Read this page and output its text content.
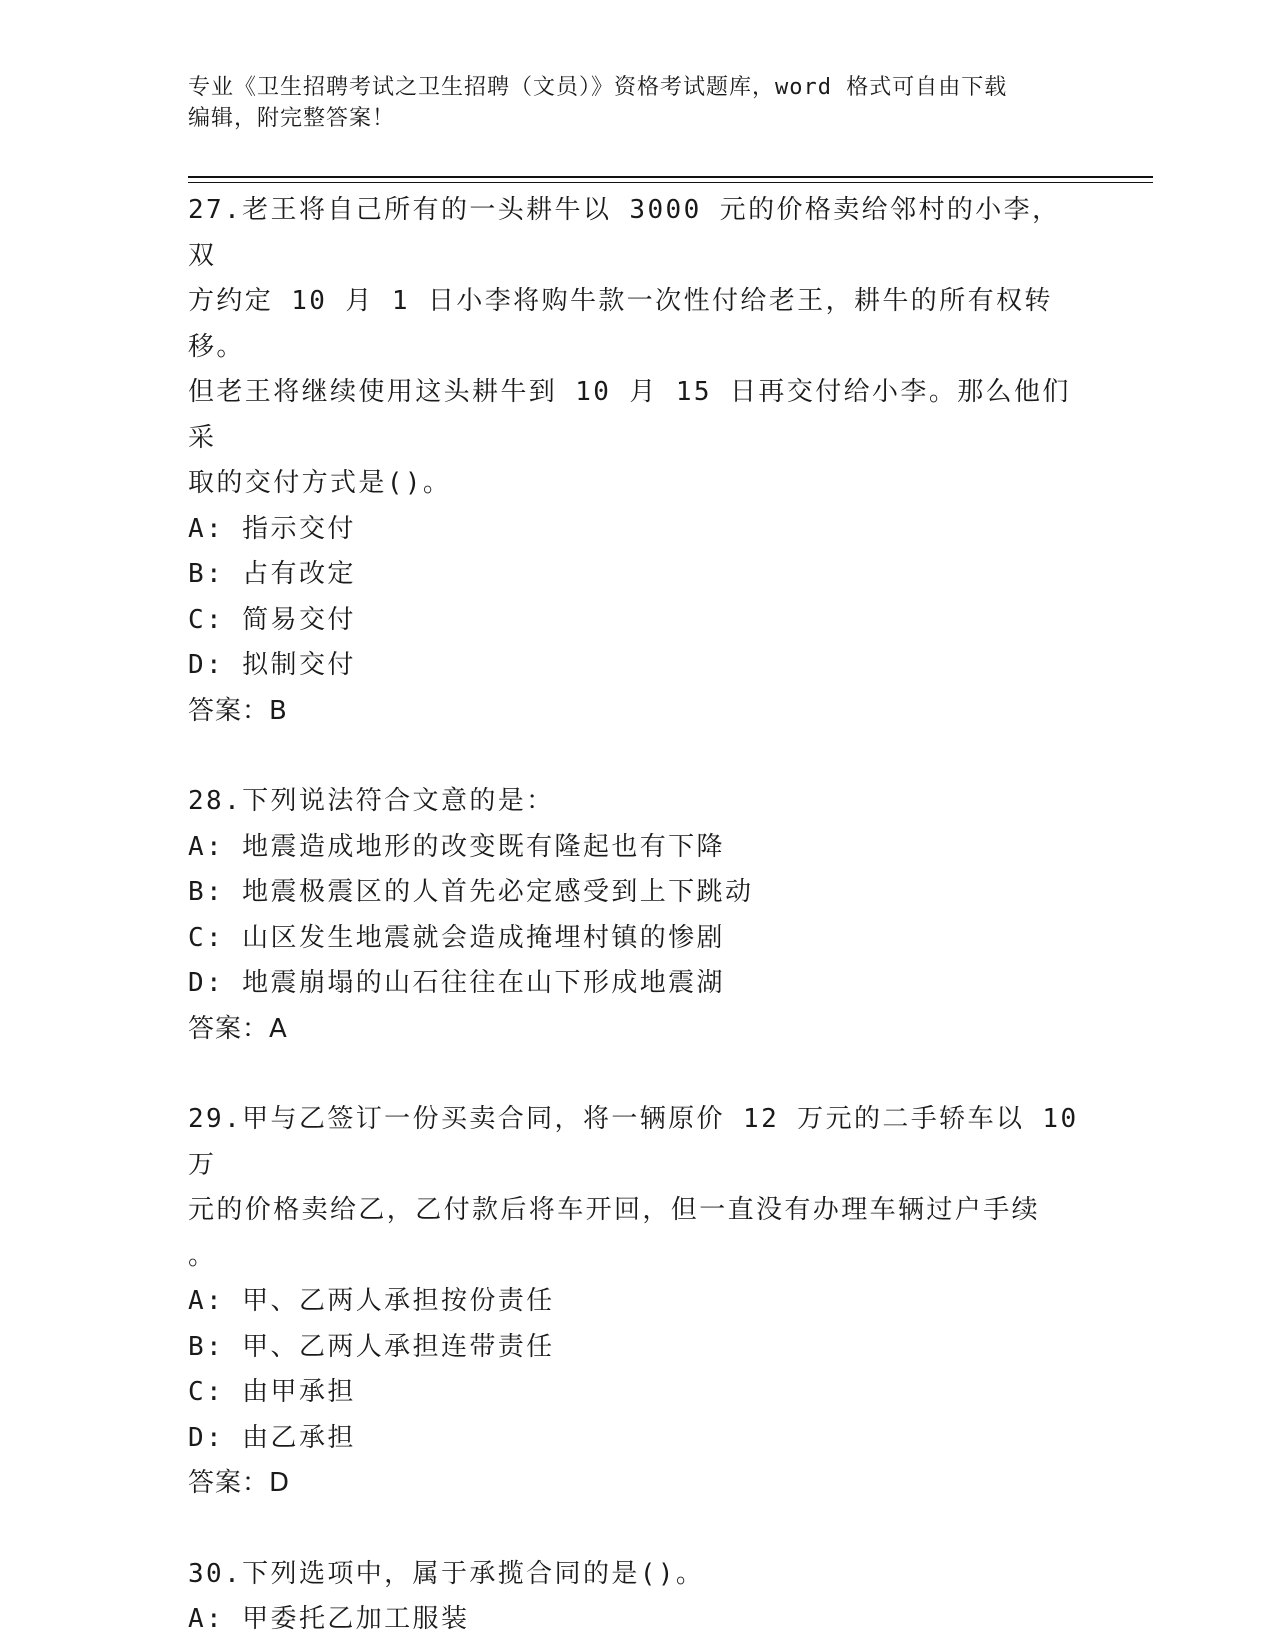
专业《卫生招聘考试之卫生招聘（文员）》资格考试题库，word 格式可自由下载
编辑，附完整答案！

27.老王将自己所有的一头耕牛以 3000 元的价格卖给邻村的小李，双

方约定 10 月 1 日小李将购牛款一次性付给老王，耕牛的所有权转移。

但老王将继续使用这头耕牛到 10 月 15 日再交付给小李。那么他们采

取的交付方式是()。

A: 指示交付

B: 占有改定

C: 简易交付

D: 拟制交付

答案：B

28.下列说法符合文意的是：

A: 地震造成地形的改变既有隆起也有下降

B: 地震极震区的人首先必定感受到上下跳动

C: 山区发生地震就会造成掩埋村镇的惨剧

D: 地震崩塌的山石往往在山下形成地震湖

答案：A

29.甲与乙签订一份买卖合同，将一辆原价 12 万元的二手轿车以 10 万

元的价格卖给乙，乙付款后将车开回，但一直没有办理车辆过户手续

。

A: 甲、乙两人承担按份责任

B: 甲、乙两人承担连带责任

C: 由甲承担

D: 由乙承担

答案：D

30.下列选项中，属于承揽合同的是()。

A: 甲委托乙加工服装
